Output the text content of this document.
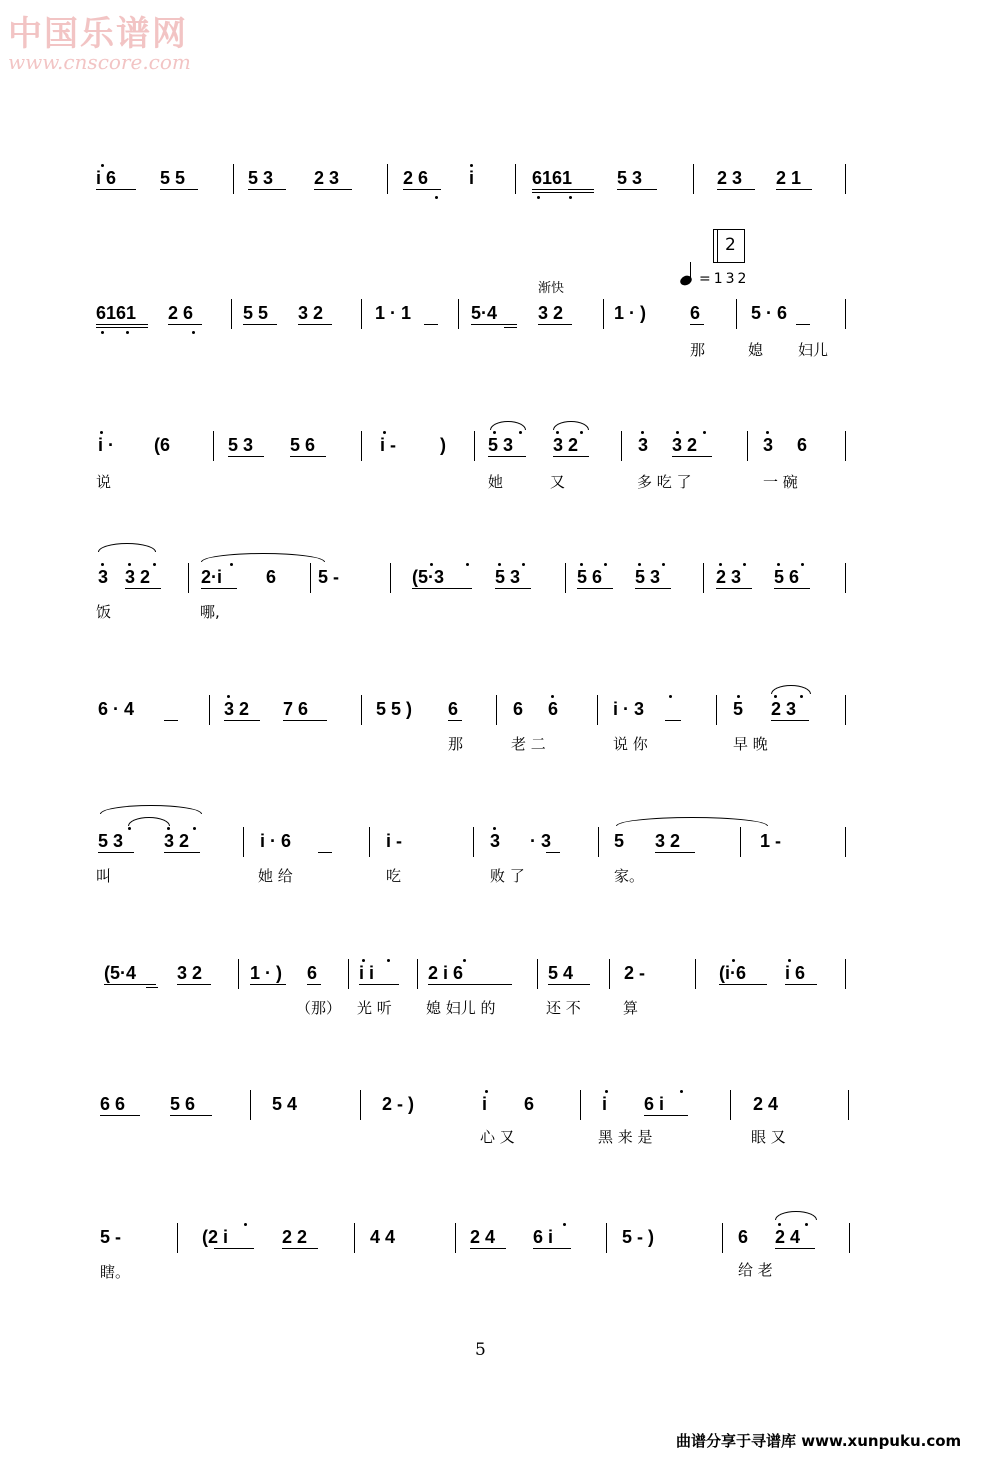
中国乐谱网
www.cnscore.com
2
渐快
=132
i 6 5 5	5 3 2 3	2 6 i	6161 5 3	2 3 2 1
6161 2 6	5 5 3 2	1 · 1	5·4 3 2	1 · ) 6	5 · 6
那	媳 妇儿
i · (6	5 3 5 6	i - ) 5 3 3 2	3 3 2	3 6
说	她	又	多 吃 了	一 碗
3 3 2	2·i 6 5 -	(5·3	5 3	5 6 5 3	2 3 5 6
饭	哪,
6 · 4	3 2 7 6	5 5 ) 6	6 6	i · 3	5 2 3
那	老 二	说 你	早 晚
5 3 3 2	i · 6	i -	3 · 3	5 3 2	1 -
叫	她 给	吃	败 了	家。
(5·4 3 2	1 · ) 6 i i	2 i 6	5 4	2 -	(i·6 i 6
（那） 光 听 媳 妇儿 的	还 不	算
6 6 5 6	5 4	2 - )	i 6	i 6 i	2 4
心 又	黑 来 是	眼 又
5 -	(2 i	2 2	4 4	2 4 6 i	5 - )	6 2 4
瞎。	给 老
5
曲谱分享于寻谱库 www.xunpuku.com
